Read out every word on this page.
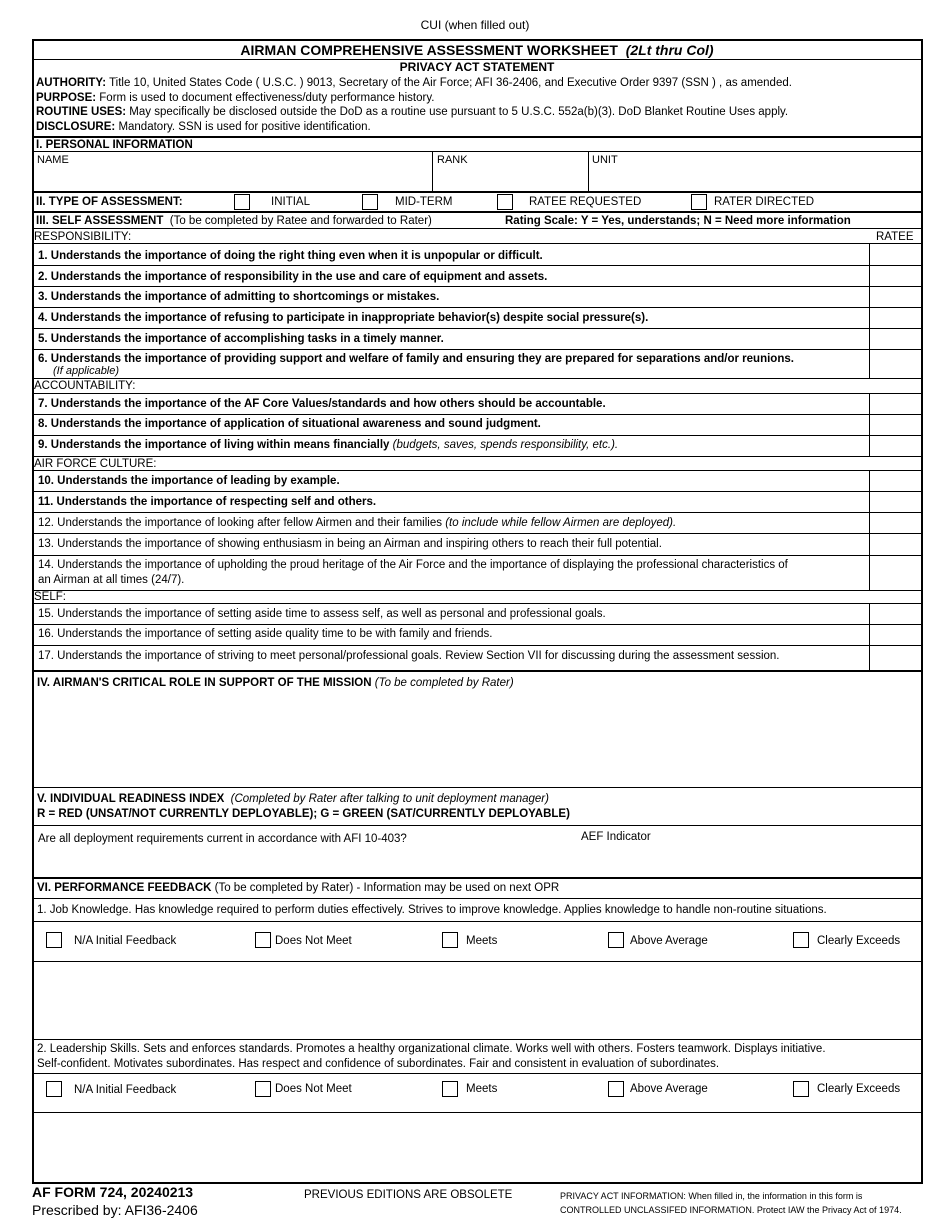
CUI (when filled out)
AIRMAN COMPREHENSIVE ASSESSMENT WORKSHEET (2Lt thru Col)
PRIVACY ACT STATEMENT
AUTHORITY: Title 10, United States Code ( U.S.C. ) 9013, Secretary of the Air Force; AFI 36-2406, and Executive Order 9397 (SSN ) , as amended.
PURPOSE: Form is used to document effectiveness/duty performance history.
ROUTINE USES: May specifically be disclosed outside the DoD as a routine use pursuant to 5 U.S.C. 552a(b)(3). DoD Blanket Routine Uses apply.
DISCLOSURE: Mandatory. SSN is used for positive identification.
I. PERSONAL INFORMATION
NAME	RANK	UNIT
II. TYPE OF ASSESSMENT:	INITIAL	MID-TERM	RATEE REQUESTED	RATER DIRECTED
III. SELF ASSESSMENT (To be completed by Ratee and forwarded to Rater)	Rating Scale: Y = Yes, understands; N = Need more information
RESPONSIBILITY:	RATEE
1. Understands the importance of doing the right thing even when it is unpopular or difficult.
2. Understands the importance of responsibility in the use and care of equipment and assets.
3. Understands the importance of admitting to shortcomings or mistakes.
4. Understands the importance of refusing to participate in inappropriate behavior(s) despite social pressure(s).
5. Understands the importance of accomplishing tasks in a timely manner.
6. Understands the importance of providing support and welfare of family and ensuring they are prepared for separations and/or reunions.
(If applicable)
ACCOUNTABILITY:
7. Understands the importance of the AF Core Values/standards and how others should be accountable.
8. Understands the importance of application of situational awareness and sound judgment.
9. Understands the importance of living within means financially (budgets, saves, spends responsibility, etc.).
AIR FORCE CULTURE:
10. Understands the importance of leading by example.
11. Understands the importance of respecting self and others.
12. Understands the importance of looking after fellow Airmen and their families (to include while fellow Airmen are deployed).
13. Understands the importance of showing enthusiasm in being an Airman and inspiring others to reach their full potential.
14. Understands the importance of upholding the proud heritage of the Air Force and the importance of displaying the professional characteristics of
an Airman at all times (24/7).
SELF:
15. Understands the importance of setting aside time to assess self, as well as personal and professional goals.
16. Understands the importance of setting aside quality time to be with family and friends.
17. Understands the importance of striving to meet personal/professional goals. Review Section VII for discussing during the assessment session.
IV. AIRMAN'S CRITICAL ROLE IN SUPPORT OF THE MISSION (To be completed by Rater)
V. INDIVIDUAL READINESS INDEX (Completed by Rater after talking to unit deployment manager)
R = RED (UNSAT/NOT CURRENTLY DEPLOYABLE); G = GREEN (SAT/CURRENTLY DEPLOYABLE)
Are all deployment requirements current in accordance with AFI 10-403?	AEF Indicator
VI. PERFORMANCE FEEDBACK (To be completed by Rater) - Information may be used on next OPR
1. Job Knowledge. Has knowledge required to perform duties effectively. Strives to improve knowledge. Applies knowledge to handle non-routine situations.
N/A Initial Feedback	Does Not Meet	Meets	Above Average	Clearly Exceeds
2. Leadership Skills. Sets and enforces standards. Promotes a healthy organizational climate. Works well with others. Fosters teamwork. Displays initiative.
Self-confident. Motivates subordinates. Has respect and confidence of subordinates. Fair and consistent in evaluation of subordinates.
N/A Initial Feedback	Does Not Meet	Meets	Above Average	Clearly Exceeds
AF FORM 724, 20240213
Prescribed by: AFI36-2406
PREVIOUS EDITIONS ARE OBSOLETE	PRIVACY ACT INFORMATION: When filled in, the information in this form is
CONTROLLED UNCLASSIFED INFORMATION. Protect IAW the Privacy Act of 1974.
